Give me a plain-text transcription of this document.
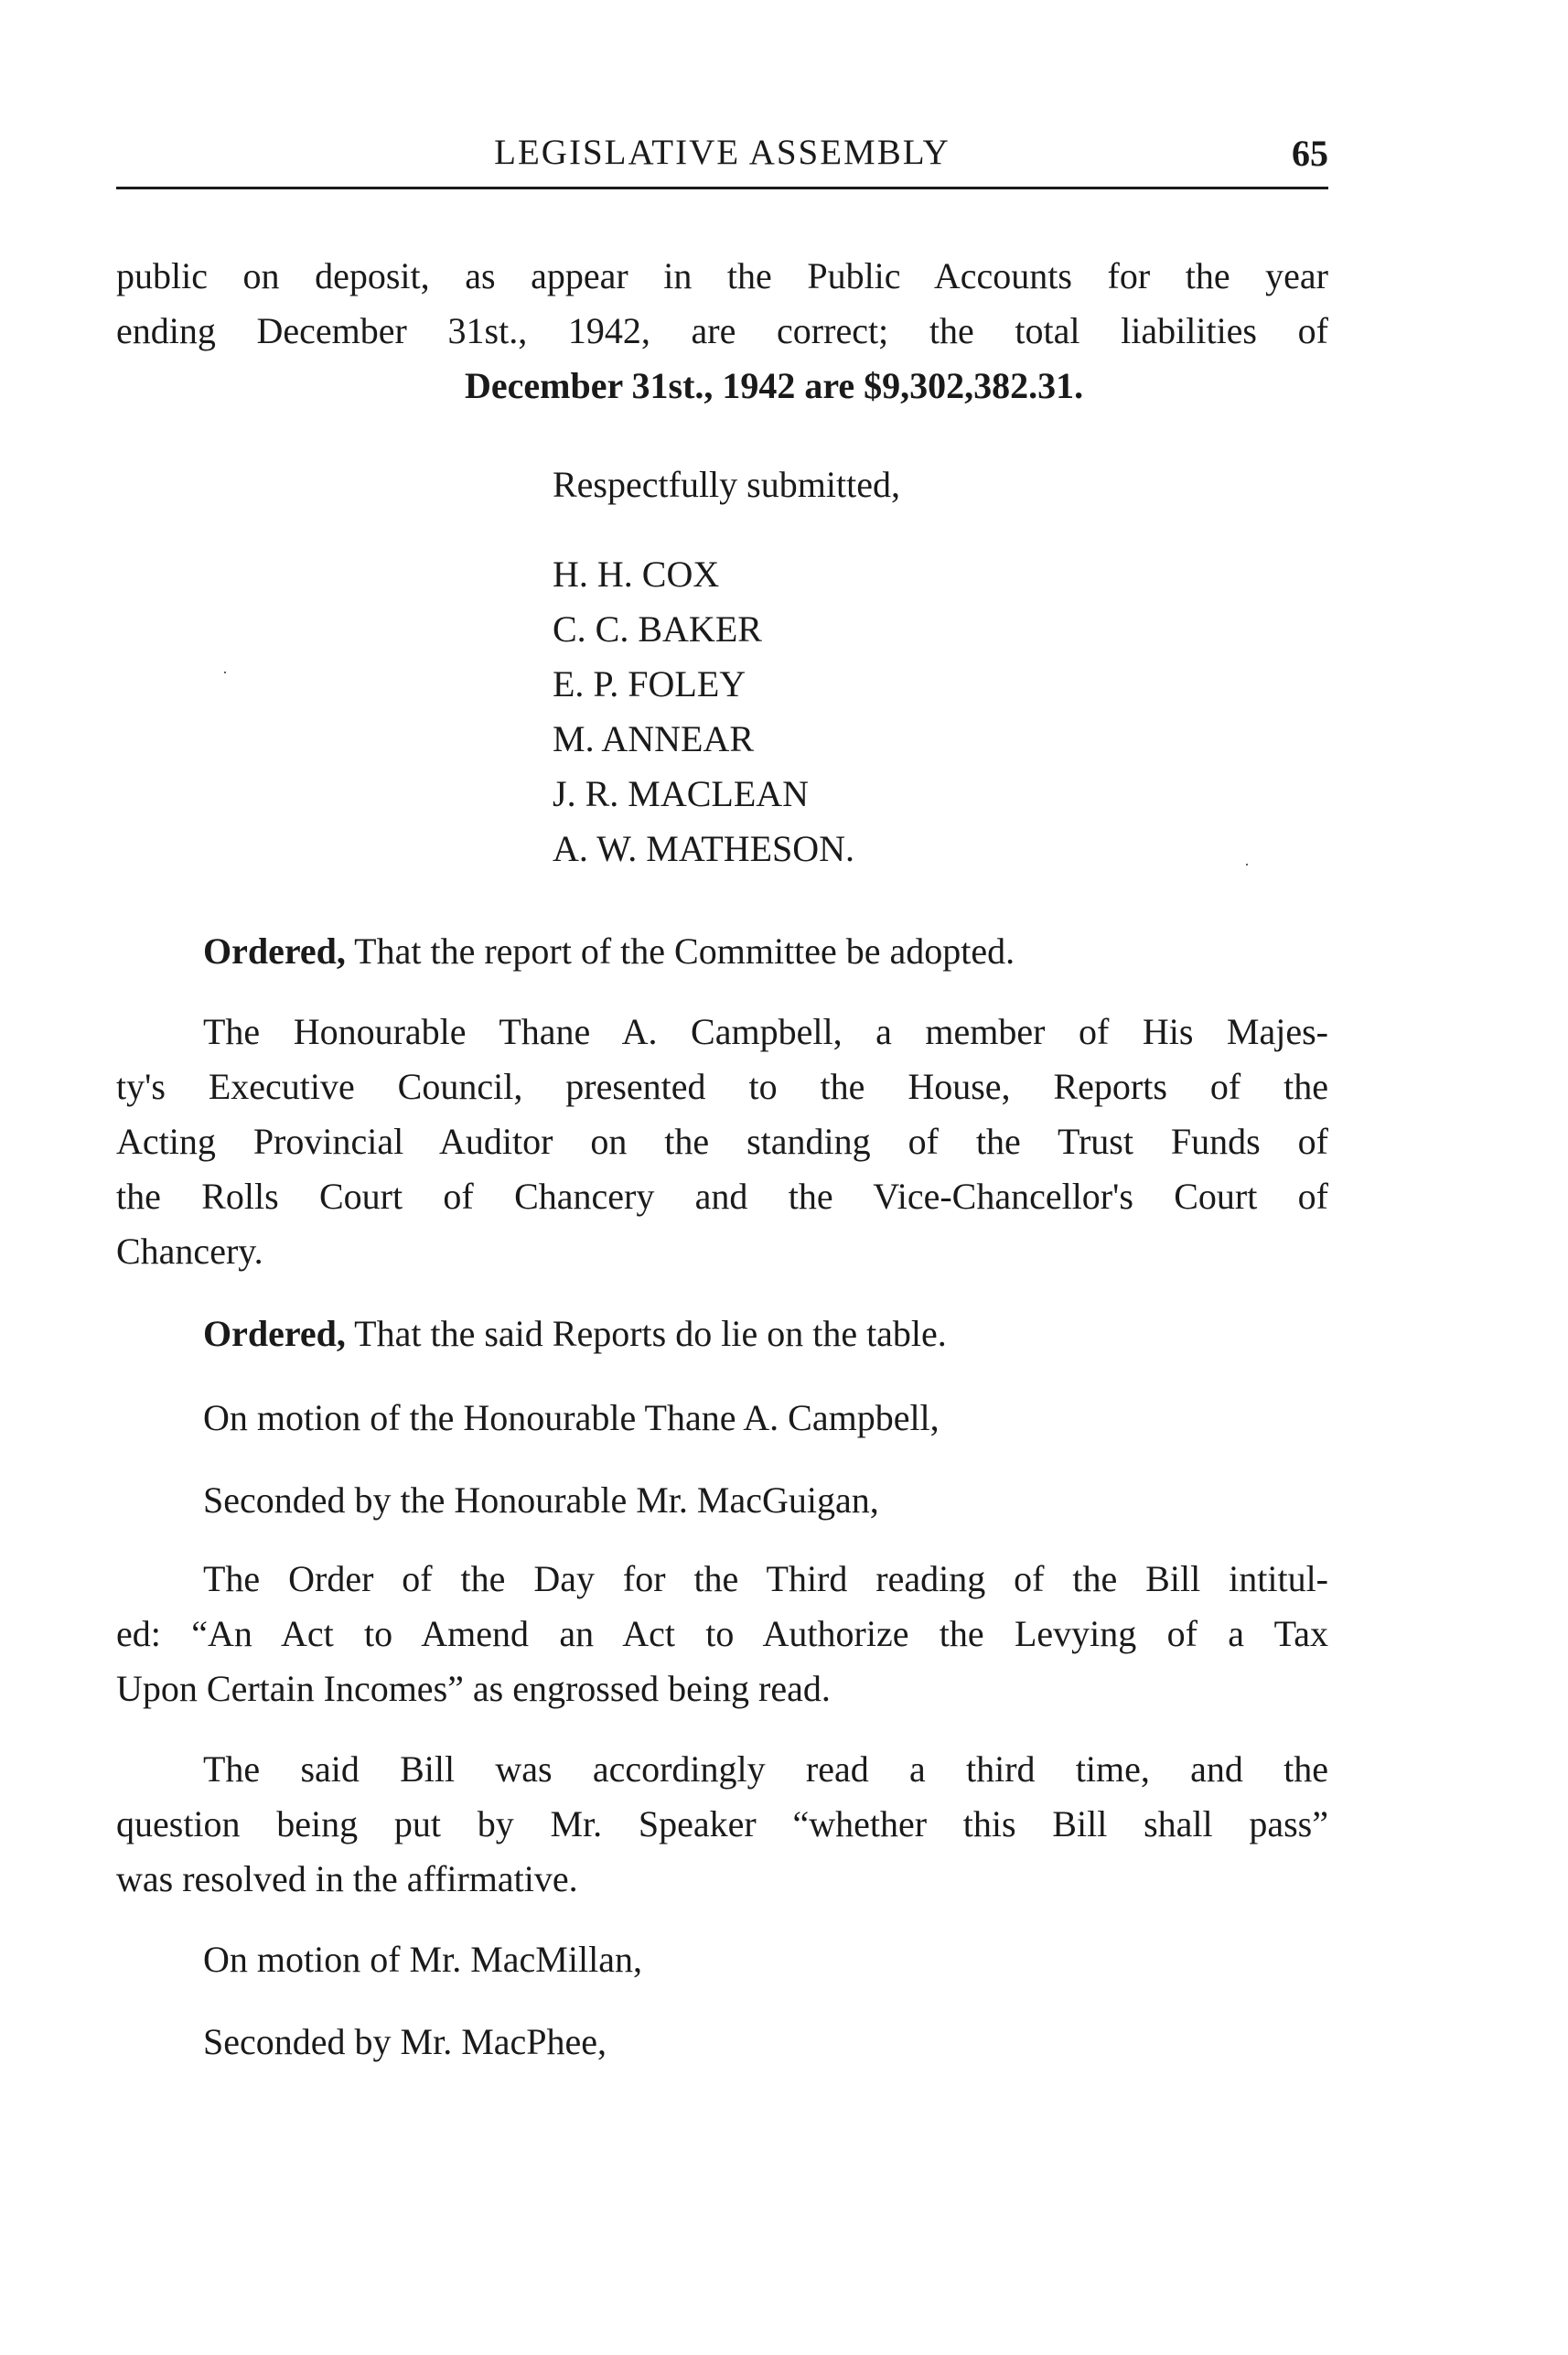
LEGISLATIVE ASSEMBLY	65
public on deposit, as appear in the Public Accounts for the year
ending December 31st., 1942, are correct; the total liabilities of
December 31st., 1942 are $9,302,382.31.
Respectfully submitted,
H. H. COX
C. C. BAKER
E. P. FOLEY
M. ANNEAR
J. R. MACLEAN
A. W. MATHESON.
Ordered, That the report of the Committee be adopted.
The Honourable Thane A. Campbell, a member of His Majes-
ty's Executive Council, presented to the House, Reports of the
Acting Provincial Auditor on the standing of the Trust Funds of
the Rolls Court of Chancery and the Vice-Chancellor's Court of
Chancery.
Ordered, That the said Reports do lie on the table.
On motion of the Honourable Thane A. Campbell,
Seconded by the Honourable Mr. MacGuigan,
The Order of the Day for the Third reading of the Bill intitul-
ed: “An Act to Amend an Act to Authorize the Levying of a Tax
Upon Certain Incomes” as engrossed being read.
The said Bill was accordingly read a third time, and the
question being put by Mr. Speaker “whether this Bill shall pass”
was resolved in the affirmative.
On motion of Mr. MacMillan,
Seconded by Mr. MacPhee,
·
·
